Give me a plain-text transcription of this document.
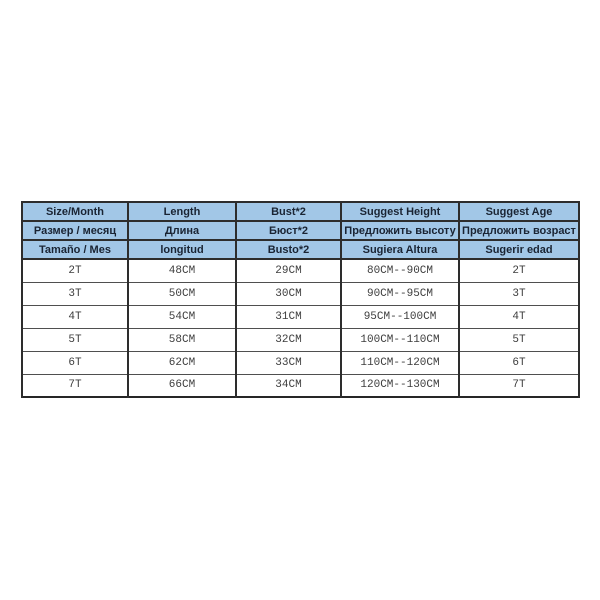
Size/Month	Length	Bust*2	Suggest Height	Suggest Age
Размер / месяц	Длина	Бюст*2	Предложить высоту	Предложить возраст
Tamaño / Mes	longitud	Busto*2	Sugiera Altura	Sugerir edad
2T	48CM	29CM	80CM--90CM	2T
3T	50CM	30CM	90CM--95CM	3T
4T	54CM	31CM	95CM--100CM	4T
5T	58CM	32CM	100CM--110CM	5T
6T	62CM	33CM	110CM--120CM	6T
7T	66CM	34CM	120CM--130CM	7T
